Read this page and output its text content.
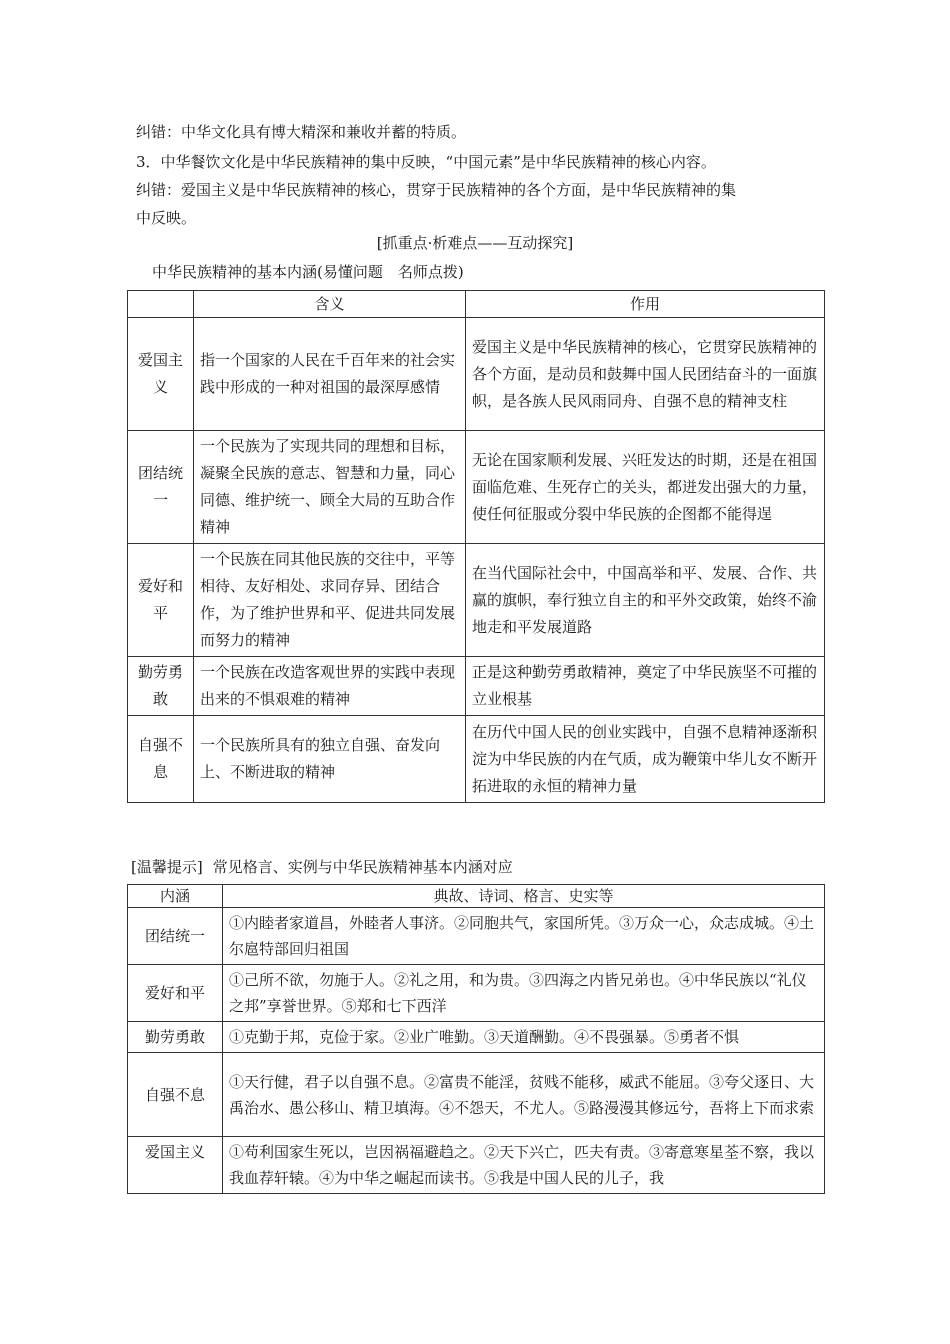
纠错：中华文化具有博大精深和兼收并蓄的特质。
3．中华餐饮文化是中华民族精神的集中反映，“中国元素”是中华民族精神的核心内容。
纠错：爱国主义是中华民族精神的核心，贯穿于民族精神的各个方面，是中华民族精神的集
中反映。
[抓重点·析难点——互动探究]
中华民族精神的基本内涵(易懂问题　名师点拨)
	含义	作用
爱国主义	指一个国家的人民在千百年来的社会实践中形成的一种对祖国的最深厚感情	爱国主义是中华民族精神的核心，它贯穿民族精神的各个方面，是动员和鼓舞中国人民团结奋斗的一面旗帜，是各族人民风雨同舟、自强不息的精神支柱
团结统一	一个民族为了实现共同的理想和目标，凝聚全民族的意志、智慧和力量，同心同德、维护统一、顾全大局的互助合作精神	无论在国家顺利发展、兴旺发达的时期，还是在祖国面临危难、生死存亡的关头，都迸发出强大的力量，使任何征服或分裂中华民族的企图都不能得逞
爱好和平	一个民族在同其他民族的交往中，平等相待、友好相处、求同存异、团结合作，为了维护世界和平、促进共同发展而努力的精神	在当代国际社会中，中国高举和平、发展、合作、共赢的旗帜，奉行独立自主的和平外交政策，始终不渝地走和平发展道路
勤劳勇敢	一个民族在改造客观世界的实践中表现出来的不惧艰难的精神	正是这种勤劳勇敢精神，奠定了中华民族坚不可摧的立业根基
自强不息	一个民族所具有的独立自强、奋发向上、不断进取的精神	在历代中国人民的创业实践中，自强不息精神逐渐积淀为中华民族的内在气质，成为鞭策中华儿女不断开拓进取的永恒的精神力量
[温馨提示] 常见格言、实例与中华民族精神基本内涵对应
内涵	典故、诗词、格言、史实等
团结统一	①内睦者家道昌，外睦者人事济。②同胞共气，家国所凭。③万众一心，众志成城。④土尔扈特部回归祖国
爱好和平	①己所不欲，勿施于人。②礼之用，和为贵。③四海之内皆兄弟也。④中华民族以“礼仪之邦”享誉世界。⑤郑和七下西洋
勤劳勇敢	①克勤于邦，克俭于家。②业广唯勤。③天道酬勤。④不畏强暴。⑤勇者不惧
自强不息	①天行健，君子以自强不息。②富贵不能淫，贫贱不能移，威武不能屈。③夸父逐日、大禹治水、愚公移山、精卫填海。④不怨天，不尤人。⑤路漫漫其修远兮，吾将上下而求索
爱国主义	①苟利国家生死以，岂因祸福避趋之。②天下兴亡，匹夫有责。③寄意寒星荃不察，我以我血荐轩辕。④为中华之崛起而读书。⑤我是中国人民的儿子，我
